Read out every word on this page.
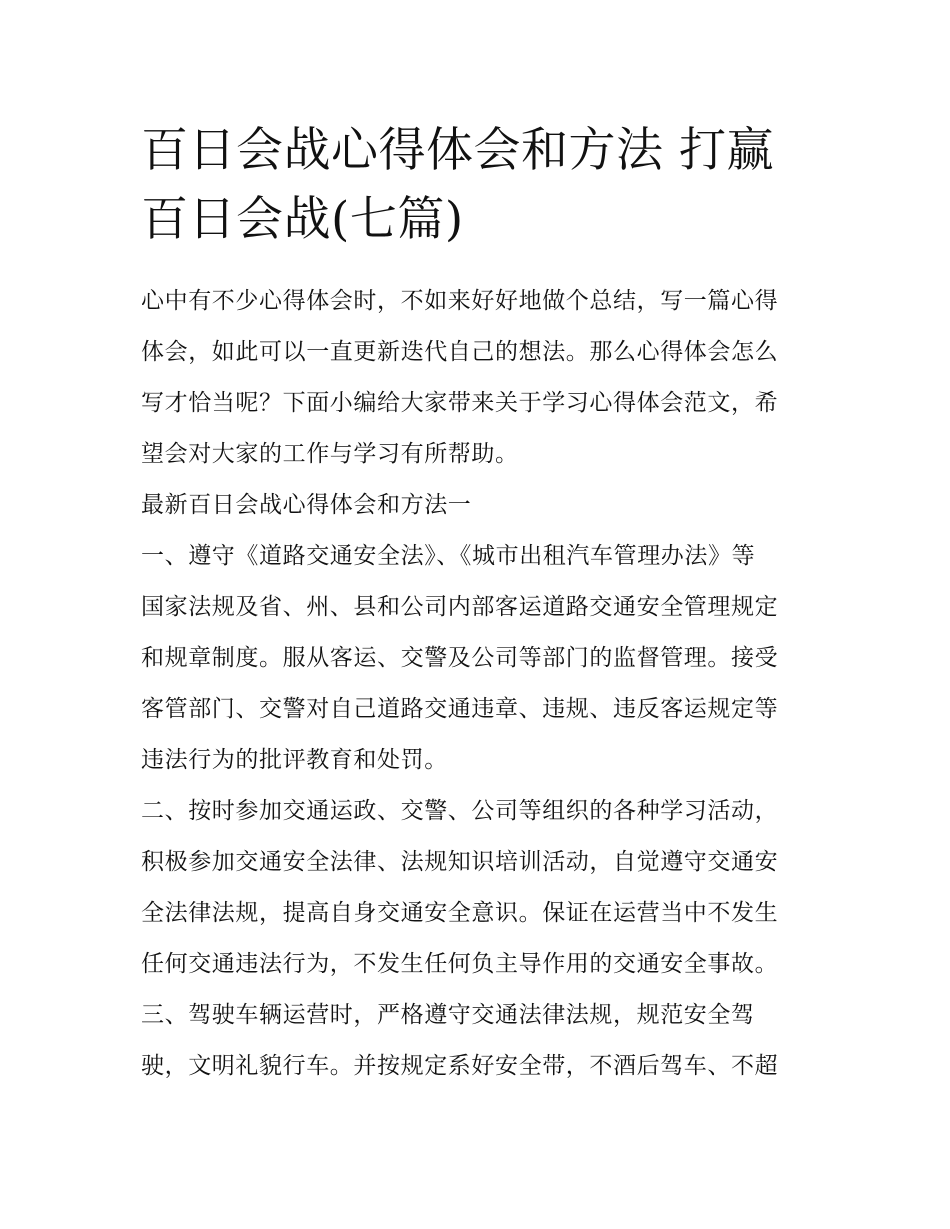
百日会战心得体会和方法 打赢
百日会战(七篇)
心中有不少心得体会时，不如来好好地做个总结，写一篇心得
体会，如此可以一直更新迭代自己的想法。那么心得体会怎么
写才恰当呢？下面小编给大家带来关于学习心得体会范文，希
望会对大家的工作与学习有所帮助。
最新百日会战心得体会和方法一
一、遵守《道路交通安全法》、《城市出租汽车管理办法》等
国家法规及省、州、县和公司内部客运道路交通安全管理规定
和规章制度。服从客运、交警及公司等部门的监督管理。接受
客管部门、交警对自己道路交通违章、违规、违反客运规定等
违法行为的批评教育和处罚。
二、按时参加交通运政、交警、公司等组织的各种学习活动，
积极参加交通安全法律、法规知识培训活动，自觉遵守交通安
全法律法规，提高自身交通安全意识。保证在运营当中不发生
任何交通违法行为，不发生任何负主导作用的交通安全事故。
三、驾驶车辆运营时，严格遵守交通法律法规，规范安全驾
驶，文明礼貌行车。并按规定系好安全带，不酒后驾车、不超
